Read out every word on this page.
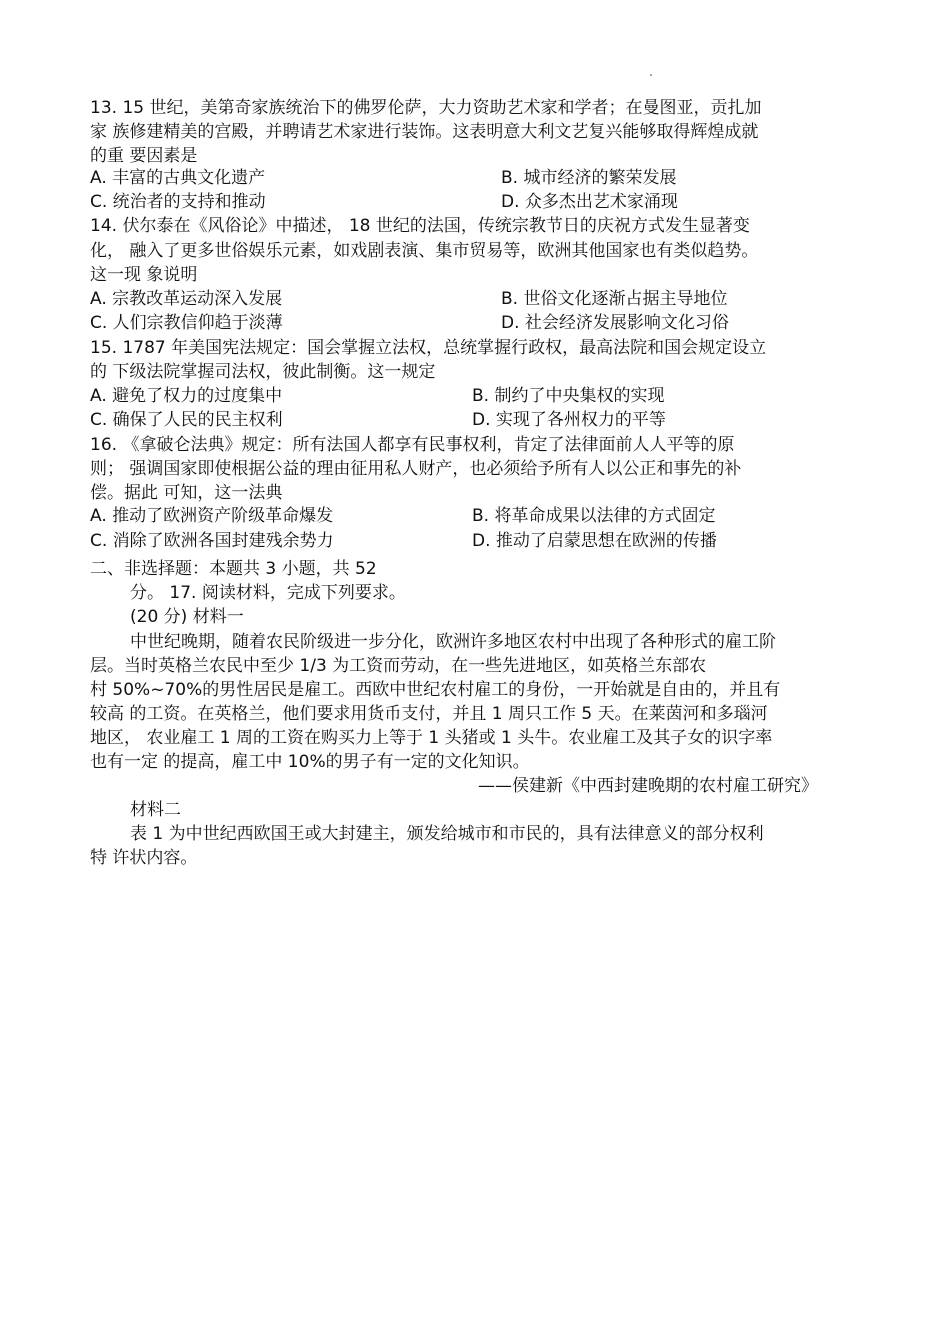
13. 15 世纪，美第奇家族统治下的佛罗伦萨，大力资助艺术家和学者；在曼图亚，贡扎加
家 族修建精美的宫殿，并聘请艺术家进行装饰。这表明意大利文艺复兴能够取得辉煌成就
的重 要因素是
A. 丰富的古典文化遗产	B. 城市经济的繁荣发展
C. 统治者的支持和推动	D. 众多杰出艺术家涌现
14. 伏尔泰在《风俗论》中描述， 18 世纪的法国，传统宗教节日的庆祝方式发生显著变
化， 融入了更多世俗娱乐元素，如戏剧表演、集市贸易等，欧洲其他国家也有类似趋势。
这一现 象说明
A. 宗教改革运动深入发展	B. 世俗文化逐渐占据主导地位
C. 人们宗教信仰趋于淡薄	D. 社会经济发展影响文化习俗
15. 1787 年美国宪法规定：国会掌握立法权，总统掌握行政权，最高法院和国会规定设立
的 下级法院掌握司法权，彼此制衡。这一规定
A. 避免了权力的过度集中	B. 制约了中央集权的实现
C. 确保了人民的民主权利	D. 实现了各州权力的平等
16. 《拿破仑法典》规定：所有法国人都享有民事权利，肯定了法律面前人人平等的原
则； 强调国家即使根据公益的理由征用私人财产，也必须给予所有人以公正和事先的补
偿。据此 可知，这一法典
A. 推动了欧洲资产阶级革命爆发	B. 将革命成果以法律的方式固定
C. 消除了欧洲各国封建残余势力	D. 推动了启蒙思想在欧洲的传播
二、非选择题：本题共 3 小题，共 52
分。 17. 阅读材料，完成下列要求。
(20 分) 材料一
中世纪晚期，随着农民阶级进一步分化，欧洲许多地区农村中出现了各种形式的雇工阶
层。当时英格兰农民中至少 1/3 为工资而劳动，在一些先进地区，如英格兰东部农
村 50%~70%的男性居民是雇工。西欧中世纪农村雇工的身份，一开始就是自由的，并且有
较高 的工资。在英格兰，他们要求用货币支付，并且 1 周只工作 5 天。在莱茵河和多瑙河
地区， 农业雇工 1 周的工资在购买力上等于 1 头猪或 1 头牛。农业雇工及其子女的识字率
也有一定 的提高，雇工中 10%的男子有一定的文化知识。
——侯建新《中西封建晚期的农村雇工研究》
材料二
表 1 为中世纪西欧国王或大封建主，颁发给城市和市民的，具有法律意义的部分权利
特 许状内容。
